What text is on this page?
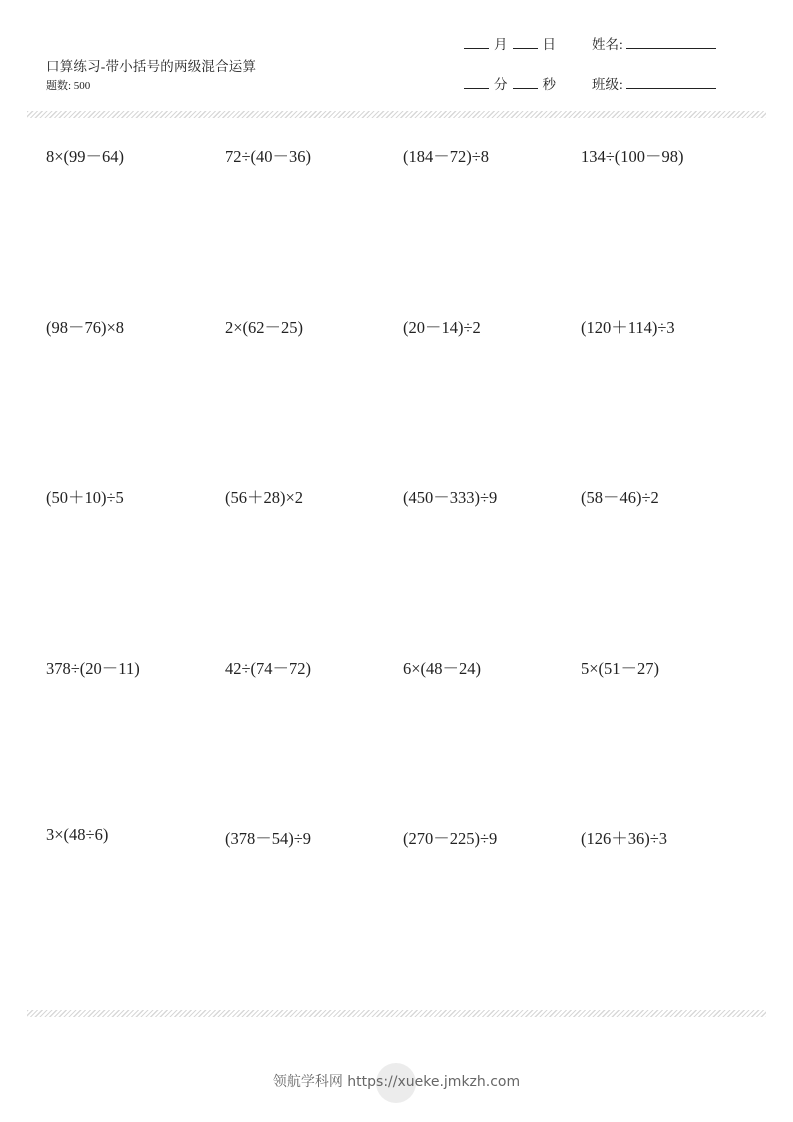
口算练习-带小括号的两级混合运算
题数: 500
月	日	姓名:
分	秒	班级:
8×(99－64)	72÷(40－36)	(184－72)÷8	134÷(100－98)
(98－76)×8	2×(62－25)	(20－14)÷2	(120＋114)÷3
(50＋10)÷5	(56＋28)×2	(450－333)÷9	(58－46)÷2
378÷(20－11)	42÷(74－72)	6×(48－24)	5×(51－27)
3×(48÷6)	(378－54)÷9	(270－225)÷9	(126＋36)÷3
领航学科网 https://xueke.jmkzh.com
